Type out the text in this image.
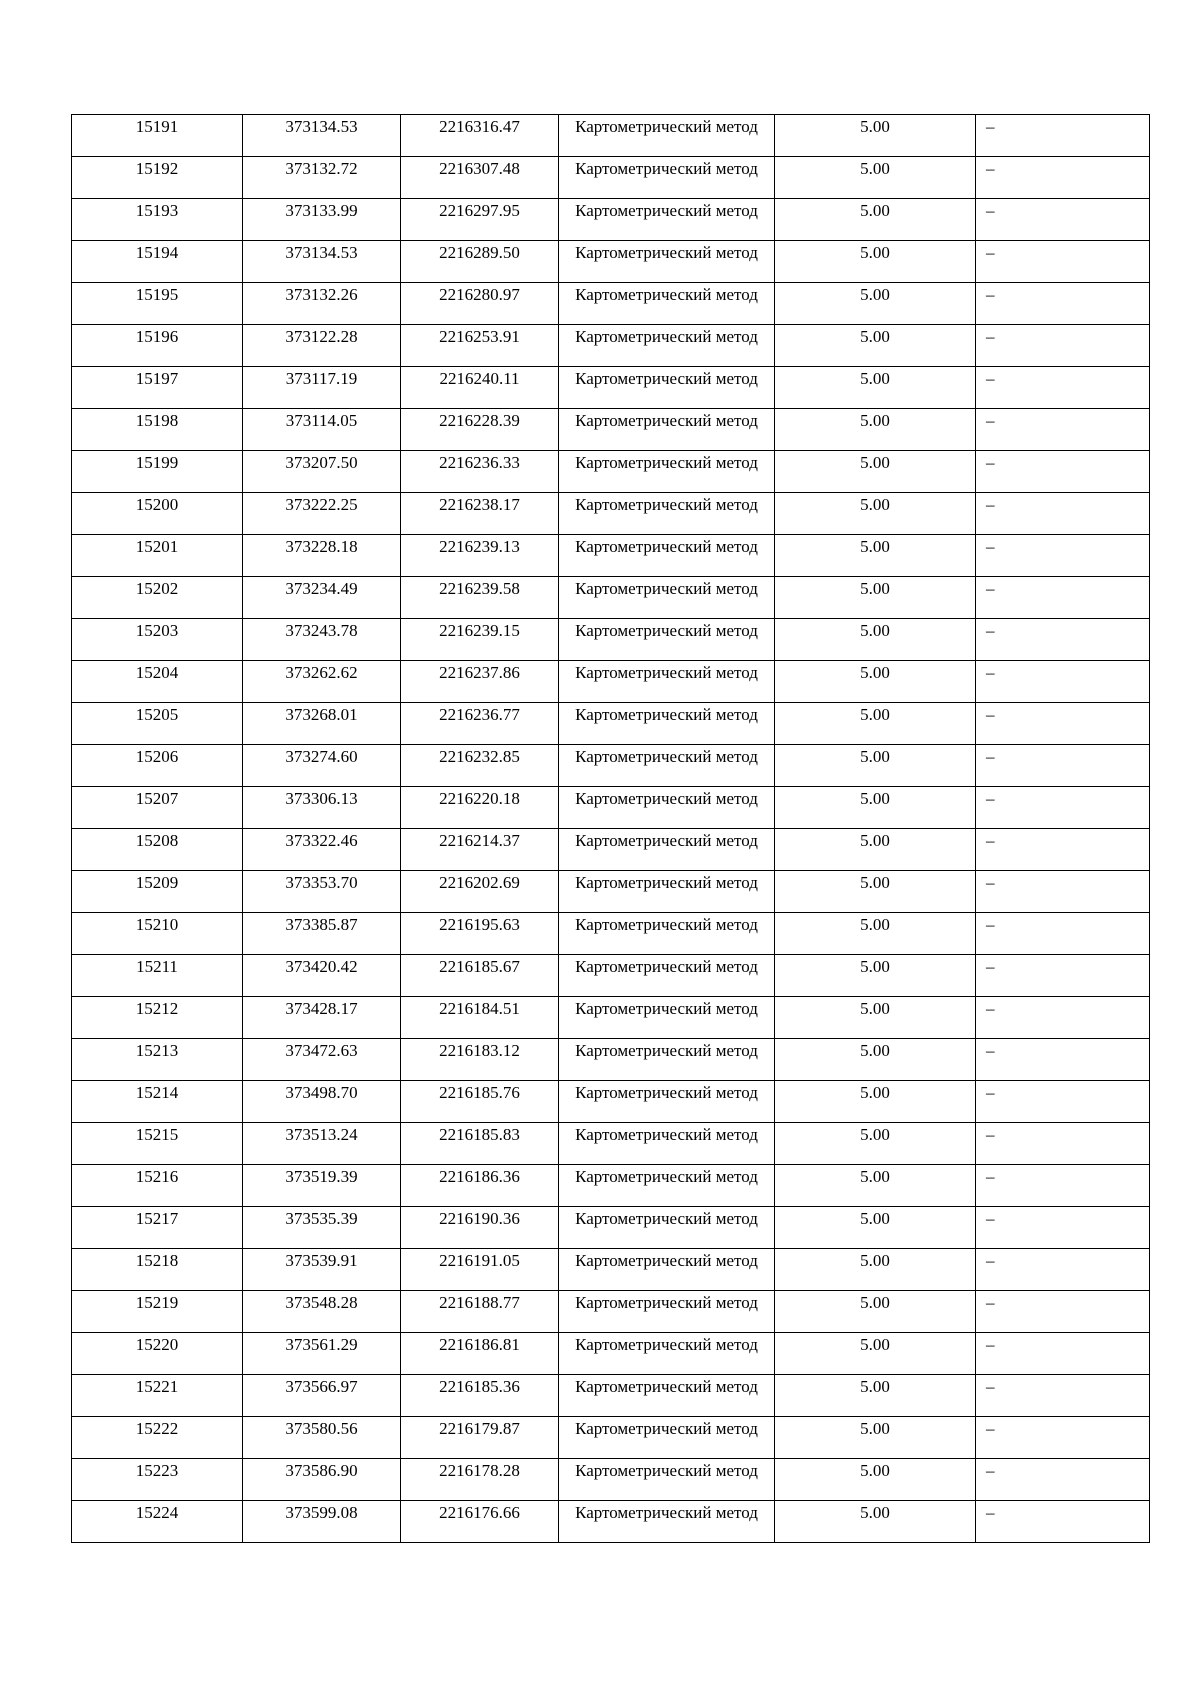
15191	373134.53	2216316.47	Картометрический метод	5.00	–

15192	373132.72	2216307.48	Картометрический метод	5.00	–

15193	373133.99	2216297.95	Картометрический метод	5.00	–

15194	373134.53	2216289.50	Картометрический метод	5.00	–

15195	373132.26	2216280.97	Картометрический метод	5.00	–

15196	373122.28	2216253.91	Картометрический метод	5.00	–

15197	373117.19	2216240.11	Картометрический метод	5.00	–

15198	373114.05	2216228.39	Картометрический метод	5.00	–

15199	373207.50	2216236.33	Картометрический метод	5.00	–

15200	373222.25	2216238.17	Картометрический метод	5.00	–

15201	373228.18	2216239.13	Картометрический метод	5.00	–

15202	373234.49	2216239.58	Картометрический метод	5.00	–

15203	373243.78	2216239.15	Картометрический метод	5.00	–

15204	373262.62	2216237.86	Картометрический метод	5.00	–

15205	373268.01	2216236.77	Картометрический метод	5.00	–

15206	373274.60	2216232.85	Картометрический метод	5.00	–

15207	373306.13	2216220.18	Картометрический метод	5.00	–

15208	373322.46	2216214.37	Картометрический метод	5.00	–

15209	373353.70	2216202.69	Картометрический метод	5.00	–

15210	373385.87	2216195.63	Картометрический метод	5.00	–

15211	373420.42	2216185.67	Картометрический метод	5.00	–

15212	373428.17	2216184.51	Картометрический метод	5.00	–

15213	373472.63	2216183.12	Картометрический метод	5.00	–

15214	373498.70	2216185.76	Картометрический метод	5.00	–

15215	373513.24	2216185.83	Картометрический метод	5.00	–

15216	373519.39	2216186.36	Картометрический метод	5.00	–

15217	373535.39	2216190.36	Картометрический метод	5.00	–

15218	373539.91	2216191.05	Картометрический метод	5.00	–

15219	373548.28	2216188.77	Картометрический метод	5.00	–

15220	373561.29	2216186.81	Картометрический метод	5.00	–

15221	373566.97	2216185.36	Картометрический метод	5.00	–

15222	373580.56	2216179.87	Картометрический метод	5.00	–

15223	373586.90	2216178.28	Картометрический метод	5.00	–

15224	373599.08	2216176.66	Картометрический метод	5.00	–
